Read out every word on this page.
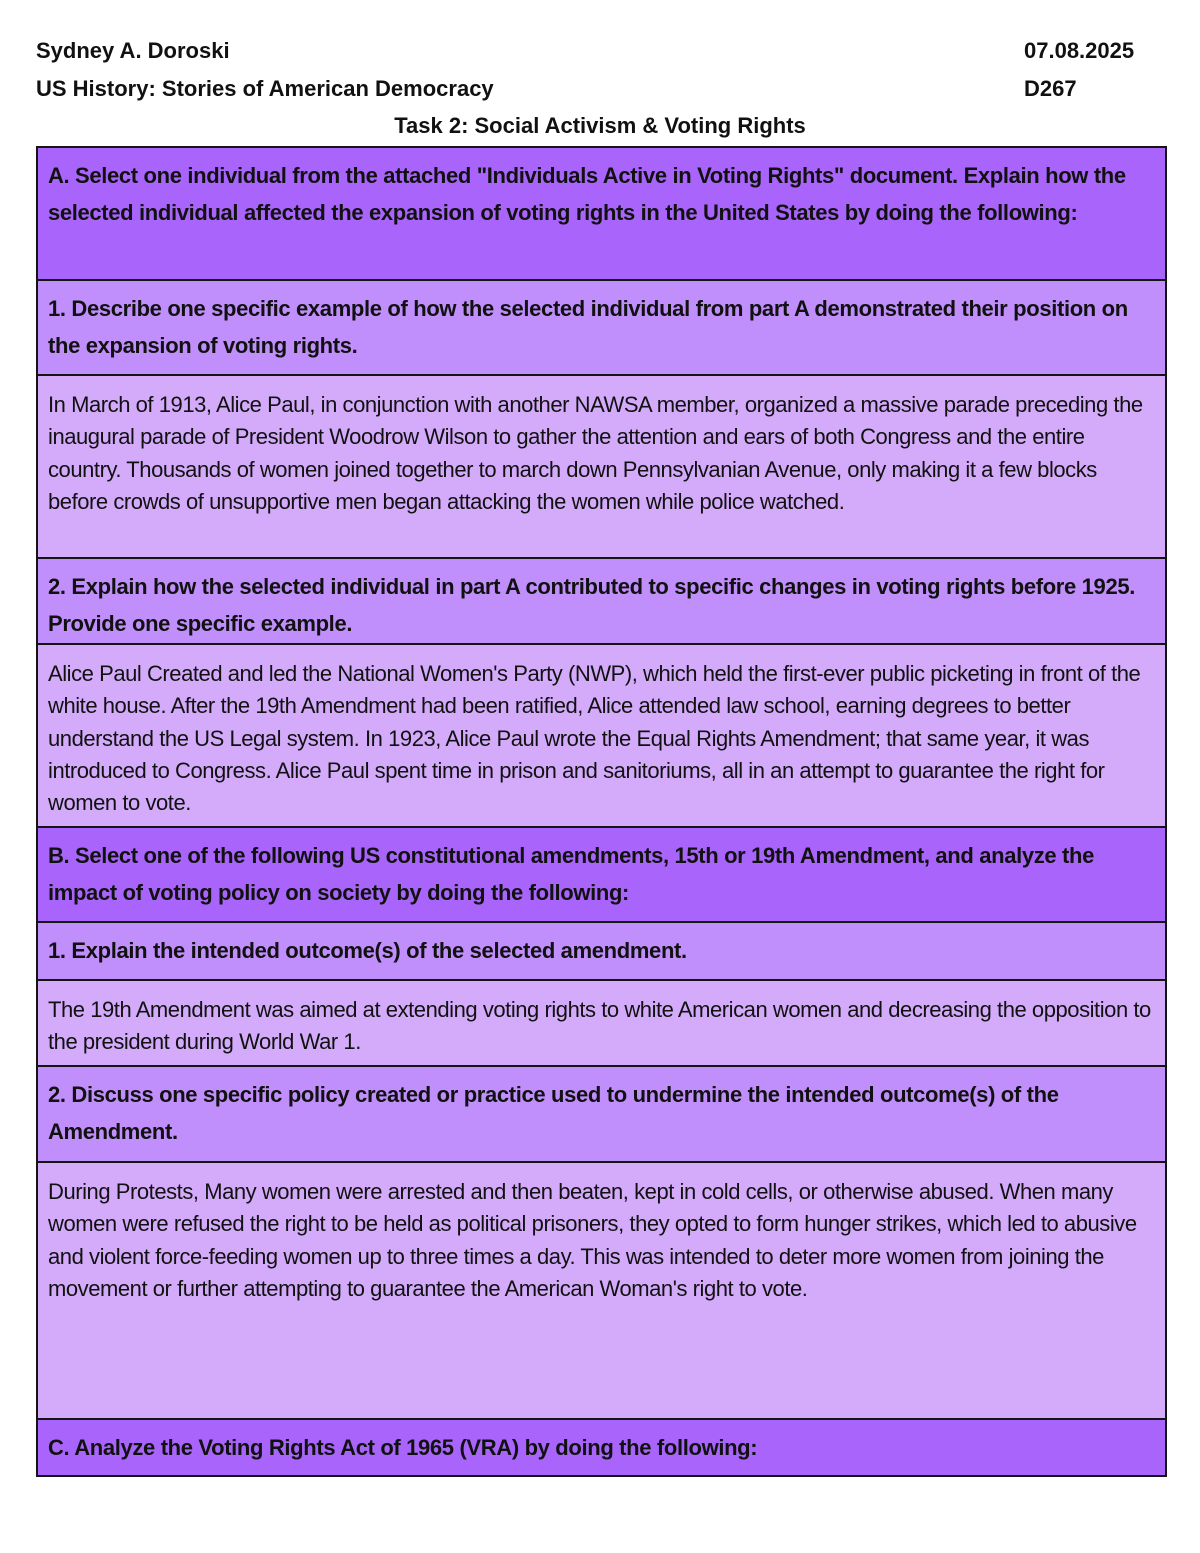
Sydney A. Doroski	07.08.2025
US History: Stories of American Democracy	D267
Task 2: Social Activism & Voting Rights
A. Select one individual from the attached "Individuals Active in Voting Rights" document. Explain how the selected individual affected the expansion of voting rights in the United States by doing the following:
1. Describe one specific example of how the selected individual from part A demonstrated their position on the expansion of voting rights.
In March of 1913, Alice Paul, in conjunction with another NAWSA member, organized a massive parade preceding the inaugural parade of President Woodrow Wilson to gather the attention and ears of both Congress and the entire country. Thousands of women joined together to march down Pennsylvanian Avenue, only making it a few blocks before crowds of unsupportive men began attacking the women while police watched.
2. Explain how the selected individual in part A contributed to specific changes in voting rights before 1925. Provide one specific example.
Alice Paul Created and led the National Women's Party (NWP), which held the first-ever public picketing in front of the white house. After the 19th Amendment had been ratified, Alice attended law school, earning degrees to better understand the US Legal system. In 1923, Alice Paul wrote the Equal Rights Amendment; that same year, it was introduced to Congress. Alice Paul spent time in prison and sanitoriums, all in an attempt to guarantee the right for women to vote.
B. Select one of the following US constitutional amendments, 15th or 19th Amendment, and analyze the impact of voting policy on society by doing the following:
1. Explain the intended outcome(s) of the selected amendment.
The 19th Amendment was aimed at extending voting rights to white American women and decreasing the opposition to the president during World War 1.
2. Discuss one specific policy created or practice used to undermine the intended outcome(s) of the Amendment.
During Protests, Many women were arrested and then beaten, kept in cold cells, or otherwise abused. When many women were refused the right to be held as political prisoners, they opted to form hunger strikes, which led to abusive and violent force-feeding women up to three times a day. This was intended to deter more women from joining the movement or further attempting to guarantee the American Woman's right to vote.
C. Analyze the Voting Rights Act of 1965 (VRA) by doing the following:
